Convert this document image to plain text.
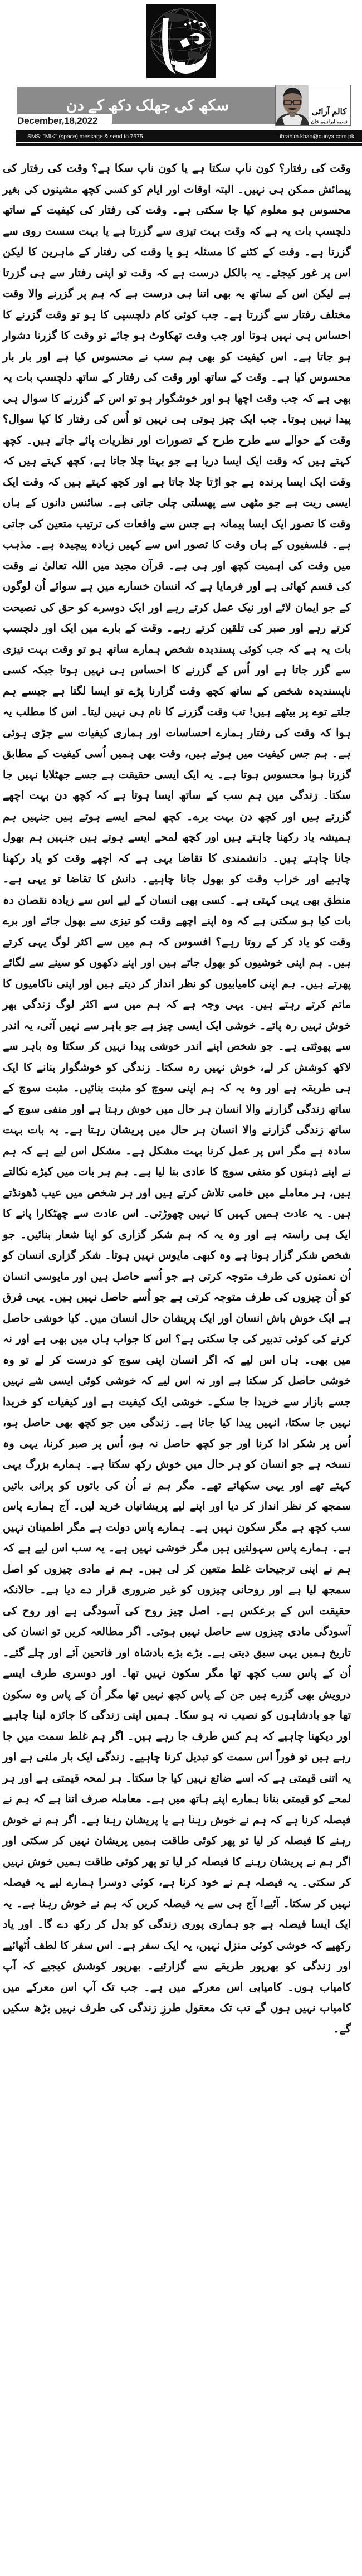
سکھ کی جھلک دکھ کے دن	کالم آرائی
نسیم ابراہیم خان
December,18,2022
SMS: "MIK" (space) message & send to 7575	ibrahim.khan@dunya.com.pk

وقت کی رفتار؟ کون ناپ سکتا ہے یا کون ناپ سکا ہے؟ وقت کی رفتار کی پیمائش ممکن ہی نہیں۔ البتہ اوقات اور ایام کو کسی کچھ مشینوں کی بغیر محسوس ہو معلوم کیا جا سکتی ہے۔ وقت کی رفتار کی کیفیت کے ساتھ دلچسپ بات یہ ہے کہ وقت بہت تیزی سے گزرتا ہے یا بہت سست روی سے گزرتا ہے۔ وقت کے کٹنے کا مسئلہ ہو یا وقت کی رفتار کے ماہرین کا لیکن اس پر غور کیجئے۔ یہ بالکل درست ہے کہ وقت تو اپنی رفتار سے ہی گزرتا ہے لیکن اس کے ساتھ یہ بھی اتنا ہی درست ہے کہ ہم پر گزرنے والا وقت مختلف رفتار سے گزرتا ہے۔ جب کوئی کام دلچسپی کا ہو تو وقت گزرنے کا احساس ہی نہیں ہوتا اور جب وقت تھکاوٹ ہو جائے تو وقت کا گزرنا دشوار ہو جاتا ہے۔ اس کیفیت کو بھی ہم سب نے محسوس کیا ہے اور بار بار محسوس کیا ہے۔ وقت کے ساتھ اور وقت کی رفتار کے ساتھ دلچسپ بات یہ بھی ہے کہ جب وقت اچھا ہو اور خوشگوار ہو تو اس کے گزرنے کا سوال ہی پیدا نہیں ہوتا۔ جب ایک چیز ہوتی ہی نہیں تو اُس کی رفتار کا کیا سوال؟ وقت کے حوالے سے طرح طرح کے تصورات اور نظریات پائے جاتے ہیں۔ کچھ کہتے ہیں کہ وقت ایک ایسا دریا ہے جو بہتا چلا جاتا ہے، کچھ کہتے ہیں کہ وقت ایک ایسا پرندہ ہے جو اڑتا چلا جاتا ہے اور کچھ کہتے ہیں کہ وقت ایک ایسی ریت ہے جو مٹھی سے پھسلتی چلی جاتی ہے۔ سائنس دانوں کے ہاں وقت کا تصور ایک ایسا پیمانہ ہے جس سے واقعات کی ترتیب متعین کی جاتی ہے۔ فلسفیوں کے ہاں وقت کا تصور اس سے کہیں زیادہ پیچیدہ ہے۔ مذہب میں وقت کی اہمیت کچھ اور ہی ہے۔ قرآن مجید میں اللہ تعالیٰ نے وقت کی قسم کھائی ہے اور فرمایا ہے کہ انسان خسارے میں ہے سوائے اُن لوگوں کے جو ایمان لائے اور نیک عمل کرتے رہے اور ایک دوسرے کو حق کی نصیحت کرتے رہے اور صبر کی تلقین کرتے رہے۔ وقت کے بارے میں ایک اور دلچسپ بات یہ ہے کہ جب کوئی پسندیدہ شخص ہمارے ساتھ ہو تو وقت بہت تیزی سے گزر جاتا ہے اور اُس کے گزرنے کا احساس ہی نہیں ہوتا جبکہ کسی ناپسندیدہ شخص کے ساتھ کچھ وقت گزارنا پڑے تو ایسا لگتا ہے جیسے ہم جلتے توے پر بیٹھے ہیں! تب وقت گزرنے کا نام ہی نہیں لیتا۔ اس کا مطلب یہ ہوا کہ وقت کی رفتار ہمارے احساسات اور ہماری کیفیات سے جڑی ہوئی ہے۔ ہم جس کیفیت میں ہوتے ہیں، وقت بھی ہمیں اُسی کیفیت کے مطابق گزرتا ہوا محسوس ہوتا ہے۔ یہ ایک ایسی حقیقت ہے جسے جھٹلایا نہیں جا سکتا۔ زندگی میں ہم سب کے ساتھ ایسا ہوتا ہے کہ کچھ دن بہت اچھے گزرتے ہیں اور کچھ دن بہت برے۔ کچھ لمحے ایسے ہوتے ہیں جنہیں ہم ہمیشہ یاد رکھنا چاہتے ہیں اور کچھ لمحے ایسے ہوتے ہیں جنہیں ہم بھول جانا چاہتے ہیں۔ دانشمندی کا تقاضا یہی ہے کہ اچھے وقت کو یاد رکھنا چاہیے اور خراب وقت کو بھول جانا چاہیے۔ دانش کا تقاضا تو یہی ہے۔ منطق بھی یہی کہتی ہے۔ کسی بھی انسان کے لیے اس سے زیادہ نقصان دہ بات کیا ہو سکتی ہے کہ وہ اپنے اچھے وقت کو تیزی سے بھول جائے اور برے وقت کو یاد کر کے روتا رہے؟ افسوس کہ ہم میں سے اکثر لوگ یہی کرتے ہیں۔ ہم اپنی خوشیوں کو بھول جاتے ہیں اور اپنے دکھوں کو سینے سے لگائے پھرتے ہیں۔ ہم اپنی کامیابیوں کو نظر انداز کر دیتے ہیں اور اپنی ناکامیوں کا ماتم کرتے رہتے ہیں۔ یہی وجہ ہے کہ ہم میں سے اکثر لوگ زندگی بھر خوش نہیں رہ پاتے۔ خوشی ایک ایسی چیز ہے جو باہر سے نہیں آتی، یہ اندر سے پھوٹتی ہے۔ جو شخص اپنے اندر خوشی پیدا نہیں کر سکتا وہ باہر سے لاکھ کوشش کر لے، خوش نہیں رہ سکتا۔ زندگی کو خوشگوار بنانے کا ایک ہی طریقہ ہے اور وہ یہ کہ ہم اپنی سوچ کو مثبت بنائیں۔ مثبت سوچ کے ساتھ زندگی گزارنے والا انسان ہر حال میں خوش رہتا ہے اور منفی سوچ کے ساتھ زندگی گزارنے والا انسان ہر حال میں پریشان رہتا ہے۔ یہ بات بہت سادہ ہے مگر اس پر عمل کرنا بہت مشکل ہے۔ مشکل اس لیے ہے کہ ہم نے اپنے ذہنوں کو منفی سوچ کا عادی بنا لیا ہے۔ ہم ہر بات میں کیڑے نکالتے ہیں، ہر معاملے میں خامی تلاش کرتے ہیں اور ہر شخص میں عیب ڈھونڈتے ہیں۔ یہ عادت ہمیں کہیں کا نہیں چھوڑتی۔ اس عادت سے چھٹکارا پانے کا ایک ہی راستہ ہے اور وہ یہ کہ ہم شکر گزاری کو اپنا شعار بنائیں۔ جو شخص شکر گزار ہوتا ہے وہ کبھی مایوس نہیں ہوتا۔ شکر گزاری انسان کو اُن نعمتوں کی طرف متوجہ کرتی ہے جو اُسے حاصل ہیں اور مایوسی انسان کو اُن چیزوں کی طرف متوجہ کرتی ہے جو اُسے حاصل نہیں ہیں۔ یہی فرق ہے ایک خوش باش انسان اور ایک پریشان حال انسان میں۔ کیا خوشی حاصل کرنے کی کوئی تدبیر کی جا سکتی ہے؟ اس کا جواب ہاں میں بھی ہے اور نہ میں بھی۔ ہاں اس لیے کہ اگر انسان اپنی سوچ کو درست کر لے تو وہ خوشی حاصل کر سکتا ہے اور نہ اس لیے کہ خوشی کوئی ایسی شے نہیں جسے بازار سے خریدا جا سکے۔ خوشی ایک کیفیت ہے اور کیفیات کو خریدا نہیں جا سکتا، انہیں پیدا کیا جاتا ہے۔ زندگی میں جو کچھ بھی حاصل ہو، اُس پر شکر ادا کرنا اور جو کچھ حاصل نہ ہو، اُس پر صبر کرنا، یہی وہ نسخہ ہے جو انسان کو ہر حال میں خوش رکھ سکتا ہے۔ ہمارے بزرگ یہی کہتے تھے اور یہی سکھاتے تھے۔ مگر ہم نے اُن کی باتوں کو پرانی باتیں سمجھ کر نظر انداز کر دیا اور اپنے لیے پریشانیاں خرید لیں۔ آج ہمارے پاس سب کچھ ہے مگر سکون نہیں ہے۔ ہمارے پاس دولت ہے مگر اطمینان نہیں ہے۔ ہمارے پاس سہولتیں ہیں مگر خوشی نہیں ہے۔ یہ سب اس لیے ہے کہ ہم نے اپنی ترجیحات غلط متعین کر لی ہیں۔ ہم نے مادی چیزوں کو اصل سمجھ لیا ہے اور روحانی چیزوں کو غیر ضروری قرار دے دیا ہے۔ حالانکہ حقیقت اس کے برعکس ہے۔ اصل چیز روح کی آسودگی ہے اور روح کی آسودگی مادی چیزوں سے حاصل نہیں ہوتی۔ اگر مطالعہ کریں تو انسان کی تاریخ ہمیں یہی سبق دیتی ہے۔ بڑے بڑے بادشاہ اور فاتحین آئے اور چلے گئے۔ اُن کے پاس سب کچھ تھا مگر سکون نہیں تھا۔ اور دوسری طرف ایسے درویش بھی گزرے ہیں جن کے پاس کچھ نہیں تھا مگر اُن کے پاس وہ سکون تھا جو بادشاہوں کو نصیب نہ ہو سکا۔ ہمیں اپنی زندگی کا جائزہ لینا چاہیے اور دیکھنا چاہیے کہ ہم کس طرف جا رہے ہیں۔ اگر ہم غلط سمت میں جا رہے ہیں تو فوراً اس سمت کو تبدیل کرنا چاہیے۔ زندگی ایک بار ملتی ہے اور یہ اتنی قیمتی ہے کہ اسے ضائع نہیں کیا جا سکتا۔ ہر لمحہ قیمتی ہے اور ہر لمحے کو قیمتی بنانا ہمارے اپنے ہاتھ میں ہے۔ معاملہ صرف اتنا ہے کہ ہم نے فیصلہ کرنا ہے کہ ہم نے خوش رہنا ہے یا پریشان رہنا ہے۔ اگر ہم نے خوش رہنے کا فیصلہ کر لیا تو پھر کوئی طاقت ہمیں پریشان نہیں کر سکتی اور اگر ہم نے پریشان رہنے کا فیصلہ کر لیا تو پھر کوئی طاقت ہمیں خوش نہیں کر سکتی۔ یہ فیصلہ ہم نے خود کرنا ہے، کوئی دوسرا ہمارے لیے یہ فیصلہ نہیں کر سکتا۔ آئیے! آج ہی سے یہ فیصلہ کریں کہ ہم نے خوش رہنا ہے۔ یہ ایک ایسا فیصلہ ہے جو ہماری پوری زندگی کو بدل کر رکھ دے گا۔ اور یاد رکھیے کہ خوشی کوئی منزل نہیں، یہ ایک سفر ہے۔ اس سفر کا لطف اُٹھائیے اور زندگی کو بھرپور طریقے سے گزارئیے۔ بھرپور کوشش کیجیے کہ آپ کامیاب ہوں۔ کامیابی اس معرکے میں ہے۔ جب تک آپ اس معرکے میں کامیاب نہیں ہوں گے تب تک معقول طرزِ زندگی کی طرف نہیں بڑھ سکیں گے۔
